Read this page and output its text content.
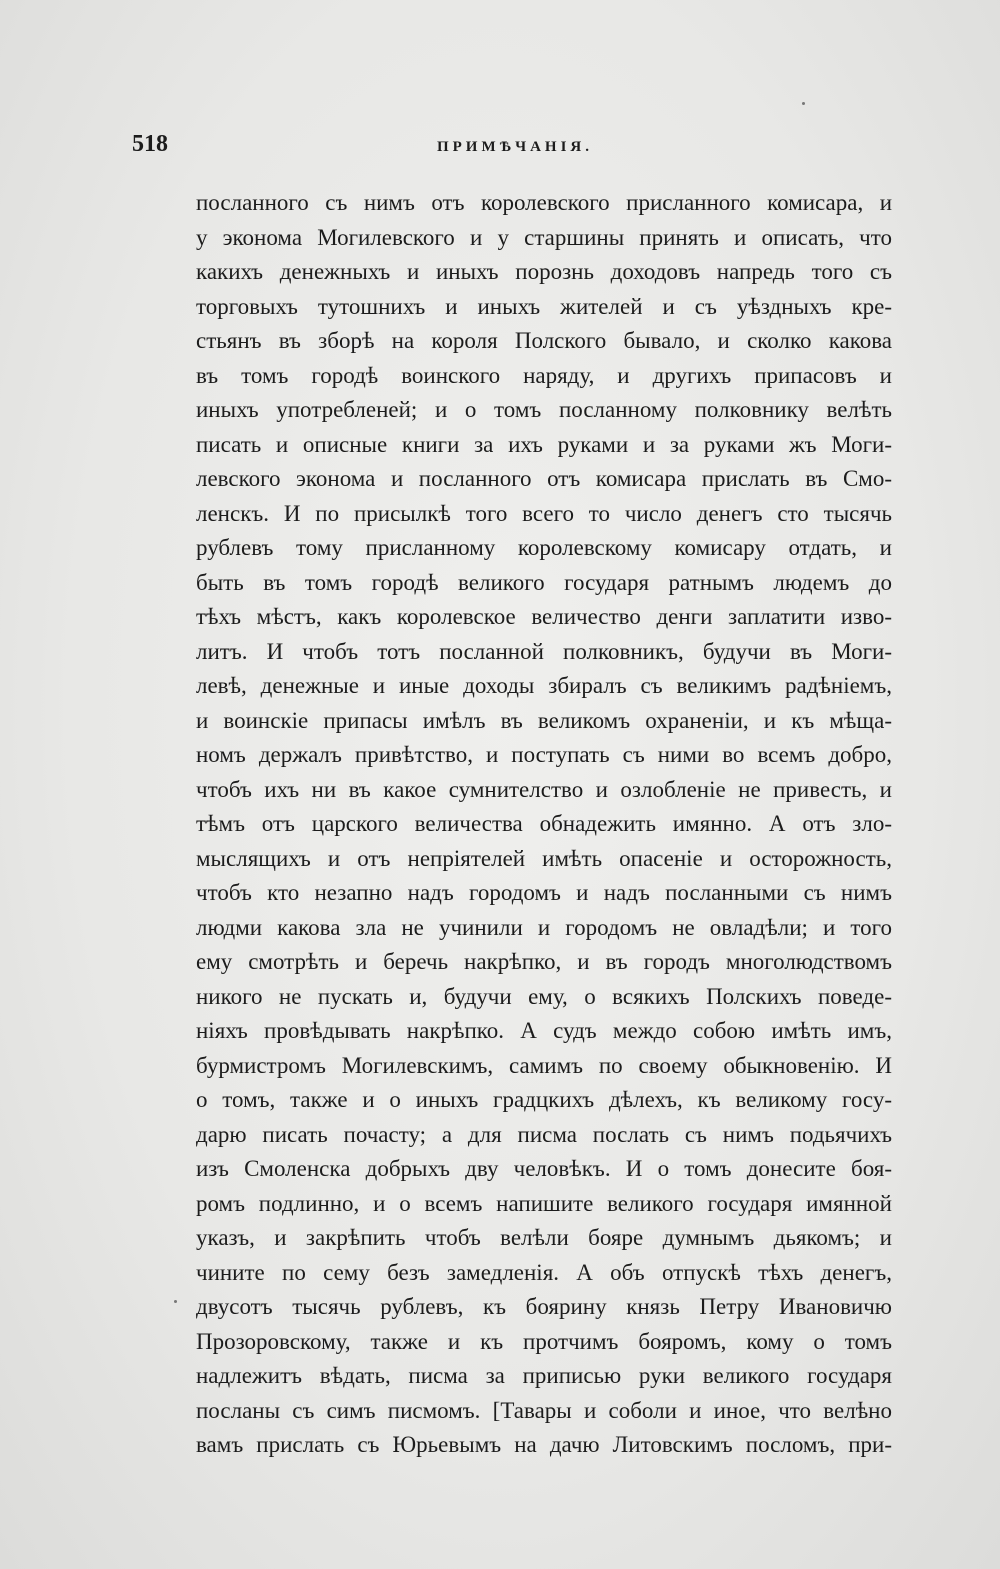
518	ПРИМѢЧАНІЯ.
посланного съ нимъ отъ королевского присланного комисара, и
у эконома Могилевского и у старшины принять и описать, что
какихъ денежныхъ и иныхъ порознь доходовъ напредь того съ
торговыхъ тутошнихъ и иныхъ жителей и съ уѣздныхъ кре-
стьянъ въ зборѣ на короля Полского бывало, и сколко какова
въ томъ городѣ воинского наряду, и другихъ припасовъ и
иныхъ употребленей; и о томъ посланному полковнику велѣть
писать и описные книги за ихъ руками и за руками жъ Моги-
левского эконома и посланного отъ комисара прислать въ Смо-
ленскъ. И по присылкѣ того всего то число денегъ сто тысячь
рублевъ тому присланному королевскому комисару отдать, и
быть въ томъ городѣ великого государя ратнымъ людемъ до
тѣхъ мѣстъ, какъ королевское величество денги заплатити изво-
литъ. И чтобъ тотъ посланной полковникъ, будучи въ Моги-
левѣ, денежные и иные доходы збиралъ съ великимъ радѣніемъ,
и воинскіе припасы имѣлъ въ великомъ охраненіи, и къ мѣща-
номъ держалъ привѣтство, и поступать съ ними во всемъ добро,
чтобъ ихъ ни въ какое сумнителство и озлобленіе не привесть, и
тѣмъ отъ царского величества обнадежить имянно. А отъ зло-
мыслящихъ и отъ непріятелей имѣть опасеніе и осторожность,
чтобъ кто незапно надъ городомъ и надъ посланными съ нимъ
людми какова зла не учинили и городомъ не овладѣли; и того
ему смотрѣть и беречь накрѣпко, и въ городъ многолюдствомъ
никого не пускать и, будучи ему, о всякихъ Полскихъ поведе-
ніяхъ провѣдывать накрѣпко. А судъ междо собою имѣть имъ,
бурмистромъ Могилевскимъ, самимъ по своему обыкновенію. И
о томъ, также и о иныхъ градцкихъ дѣлехъ, къ великому госу-
дарю писать почасту; а для писма послать съ нимъ подьячихъ
изъ Смоленска добрыхъ дву человѣкъ. И о томъ донесите боя-
ромъ подлинно, и о всемъ напишите великого государя имянной
указъ, и закрѣпить чтобъ велѣли бояре думнымъ дьякомъ; и
чините по сему безъ замедленія. А объ отпускѣ тѣхъ денегъ,
двусотъ тысячь рублевъ, къ боярину князь Петру Ивановичю
Прозоровскому, также и къ протчимъ бояромъ, кому о томъ
надлежитъ вѣдать, писма за приписью руки великого государя
посланы съ симъ писмомъ. [Тавары и соболи и иное, что велѣно
вамъ прислать съ Юрьевымъ на дачю Литовскимъ посломъ, при-
